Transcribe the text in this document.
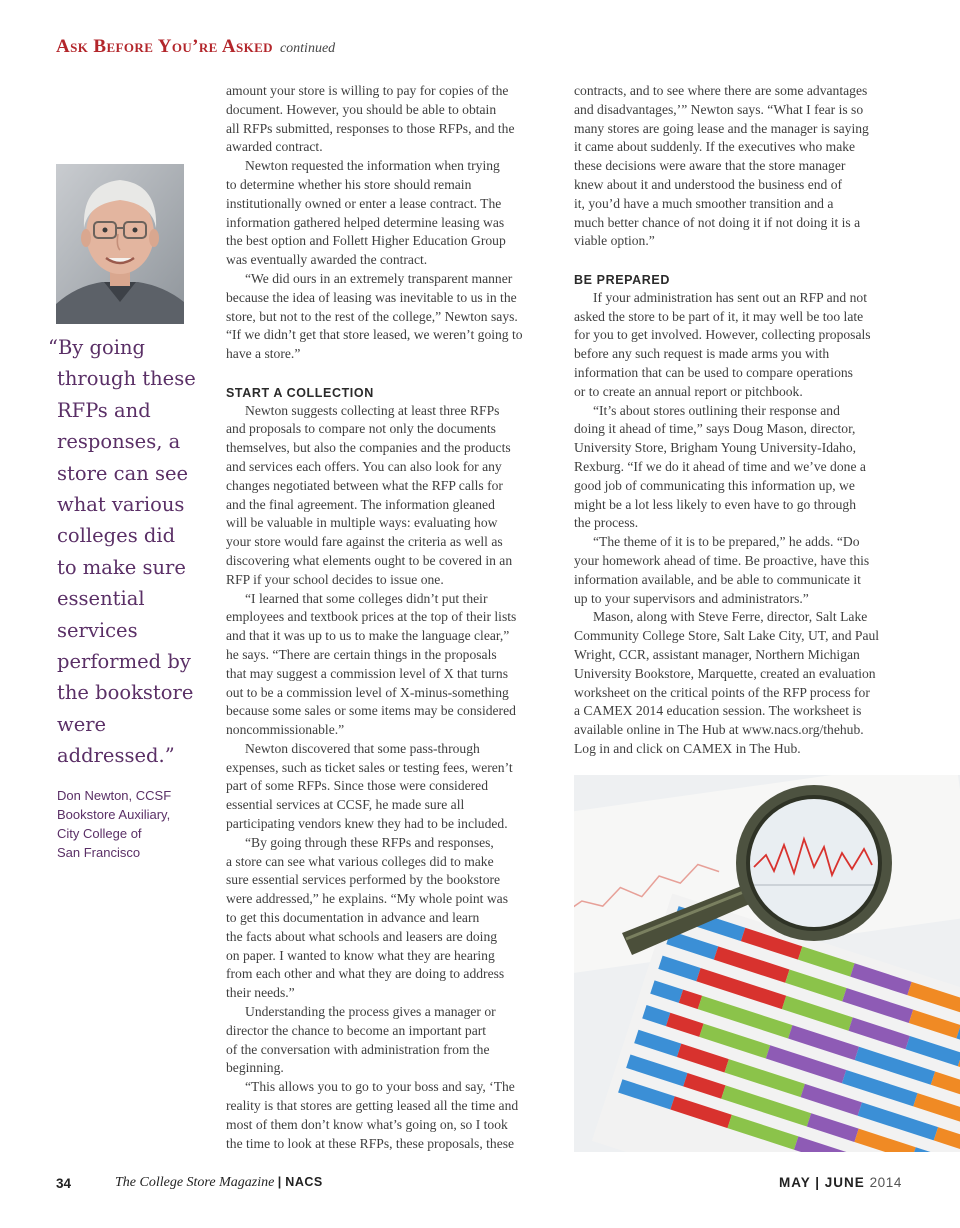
Ask Before You’re Asked continued
“By going
through these
RFPs and
responses, a
store can see
what various
colleges did
to make sure
essential
services
performed by
the bookstore
were
addressed.”
Don Newton, CCSF
Bookstore Auxiliary,
City College of
San Francisco
amount your store is willing to pay for copies of the
document. However, you should be able to obtain
all RFPs submitted, responses to those RFPs, and the
awarded contract.
Newton requested the information when trying
to determine whether his store should remain
institutionally owned or enter a lease contract. The
information gathered helped determine leasing was
the best option and Follett Higher Education Group
was eventually awarded the contract.
“We did ours in an extremely transparent manner
because the idea of leasing was inevitable to us in the
store, but not to the rest of the college,” Newton says.
“If we didn’t get that store leased, we weren’t going to
have a store.”
START A COLLECTION
Newton suggests collecting at least three RFPs
and proposals to compare not only the documents
themselves, but also the companies and the products
and services each offers. You can also look for any
changes negotiated between what the RFP calls for
and the final agreement. The information gleaned
will be valuable in multiple ways: evaluating how
your store would fare against the criteria as well as
discovering what elements ought to be covered in an
RFP if your school decides to issue one.
“I learned that some colleges didn’t put their
employees and textbook prices at the top of their lists
and that it was up to us to make the language clear,”
he says. “There are certain things in the proposals
that may suggest a commission level of X that turns
out to be a commission level of X-minus-something
because some sales or some items may be considered
noncommissionable.”
Newton discovered that some pass-through
expenses, such as ticket sales or testing fees, weren’t
part of some RFPs. Since those were considered
essential services at CCSF, he made sure all
participating vendors knew they had to be included.
“By going through these RFPs and responses,
a store can see what various colleges did to make
sure essential services performed by the bookstore
were addressed,” he explains. “My whole point was
to get this documentation in advance and learn
the facts about what schools and leasers are doing
on paper. I wanted to know what they are hearing
from each other and what they are doing to address
their needs.”
Understanding the process gives a manager or
director the chance to become an important part
of the conversation with administration from the
beginning.
“This allows you to go to your boss and say, ‘The
reality is that stores are getting leased all the time and
most of them don’t know what’s going on, so I took
the time to look at these RFPs, these proposals, these
contracts, and to see where there are some advantages
and disadvantages,’” Newton says. “What I fear is so
many stores are going lease and the manager is saying
it came about suddenly. If the executives who make
these decisions were aware that the store manager
knew about it and understood the business end of
it, you’d have a much smoother transition and a
much better chance of not doing it if not doing it is a
viable option.”
BE PREPARED
If your administration has sent out an RFP and not
asked the store to be part of it, it may well be too late
for you to get involved. However, collecting proposals
before any such request is made arms you with
information that can be used to compare operations
or to create an annual report or pitchbook.
“It’s about stores outlining their response and
doing it ahead of time,” says Doug Mason, director,
University Store, Brigham Young University-Idaho,
Rexburg. “If we do it ahead of time and we’ve done a
good job of communicating this information up, we
might be a lot less likely to even have to go through
the process.
“The theme of it is to be prepared,” he adds. “Do
your homework ahead of time. Be proactive, have this
information available, and be able to communicate it
up to your supervisors and administrators.”
Mason, along with Steve Ferre, director, Salt Lake
Community College Store, Salt Lake City, UT, and Paul
Wright, CCR, assistant manager, Northern Michigan
University Bookstore, Marquette, created an evaluation
worksheet on the critical points of the RFP process for
a CAMEX 2014 education session. The worksheet is
available online in The Hub at www.nacs.org/thehub.
Log in and click on CAMEX in The Hub.
34	The College Store Magazine | NACS	MAY | JUNE 2014
